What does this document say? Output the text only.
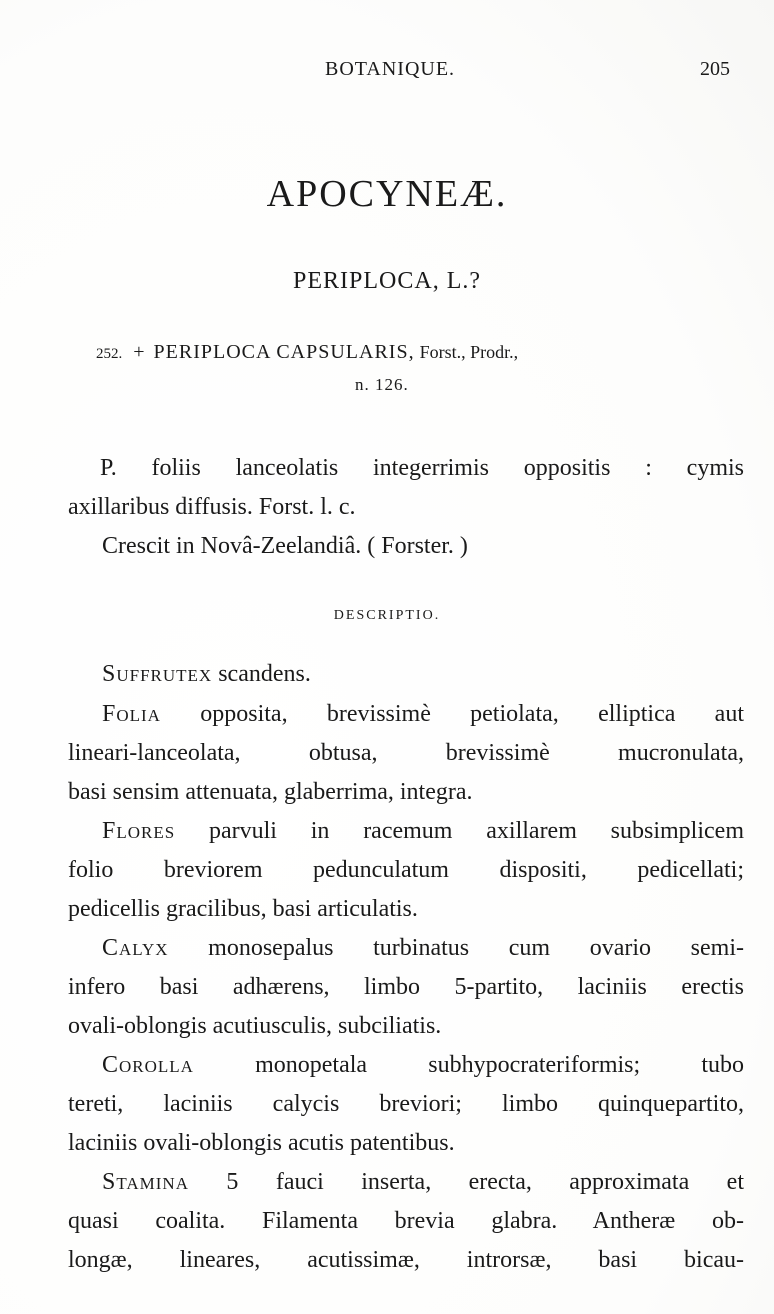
BOTANIQUE.	205
APOCYNEÆ.
PERIPLOCA, L.?
252. + PERIPLOCA CAPSULARIS, Forst., Prodr.,
n. 126.
P. foliis lanceolatis integerrimis oppositis : cymis
axillaribus diffusis. Forst. l. c.
Crescit in Novâ-Zeelandiâ. ( Forster. )
DESCRIPTIO.
Suffrutex scandens.
Folia opposita, brevissimè petiolata, elliptica aut
lineari-lanceolata, obtusa, brevissimè mucronulata,
basi sensim attenuata, glaberrima, integra.
Flores parvuli in racemum axillarem subsimplicem
folio breviorem pedunculatum dispositi, pedicellati;
pedicellis gracilibus, basi articulatis.
Calyx monosepalus turbinatus cum ovario semi-
infero basi adhærens, limbo 5-partito, laciniis erectis
ovali-oblongis acutiusculis, subciliatis.
Corolla monopetala subhypocrateriformis; tubo
tereti, laciniis calycis breviori; limbo quinquepartito,
laciniis ovali-oblongis acutis patentibus.
Stamina 5 fauci inserta, erecta, approximata et
quasi coalita. Filamenta brevia glabra. Antheræ ob-
longæ, lineares, acutissimæ, introrsæ, basi bicau-
